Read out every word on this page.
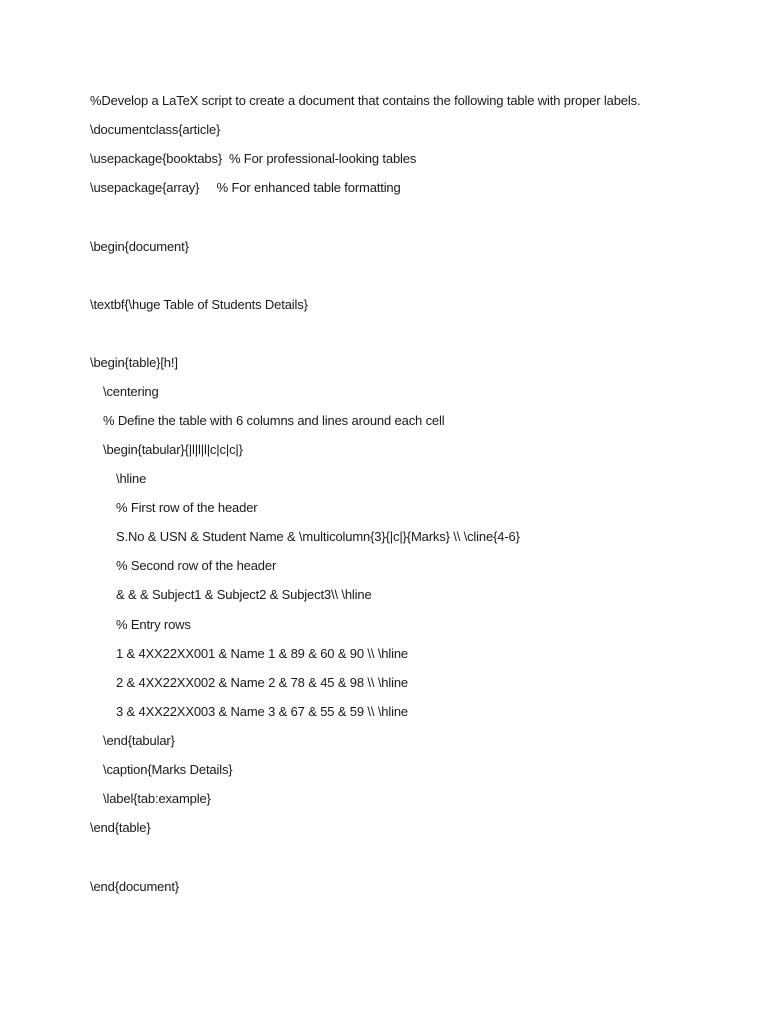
%Develop a LaTeX script to create a document that contains the following table with proper labels.
\documentclass{article}
\usepackage{booktabs}  % For professional-looking tables
\usepackage{array}     % For enhanced table formatting
\begin{document}
\textbf{\huge Table of Students Details}
\begin{table}[h!]
\centering
% Define the table with 6 columns and lines around each cell
\begin{tabular}{|l|l|l|c|c|c|}
\hline
% First row of the header
S.No & USN & Student Name & \multicolumn{3}{|c|}{Marks} \\ \cline{4-6}
% Second row of the header
& & & Subject1 & Subject2 & Subject3\\ \hline
% Entry rows
1 & 4XX22XX001 & Name 1 & 89 & 60 & 90 \\ \hline
2 & 4XX22XX002 & Name 2 & 78 & 45 & 98 \\ \hline
3 & 4XX22XX003 & Name 3 & 67 & 55 & 59 \\ \hline
\end{tabular}
\caption{Marks Details}
\label{tab:example}
\end{table}
\end{document}
